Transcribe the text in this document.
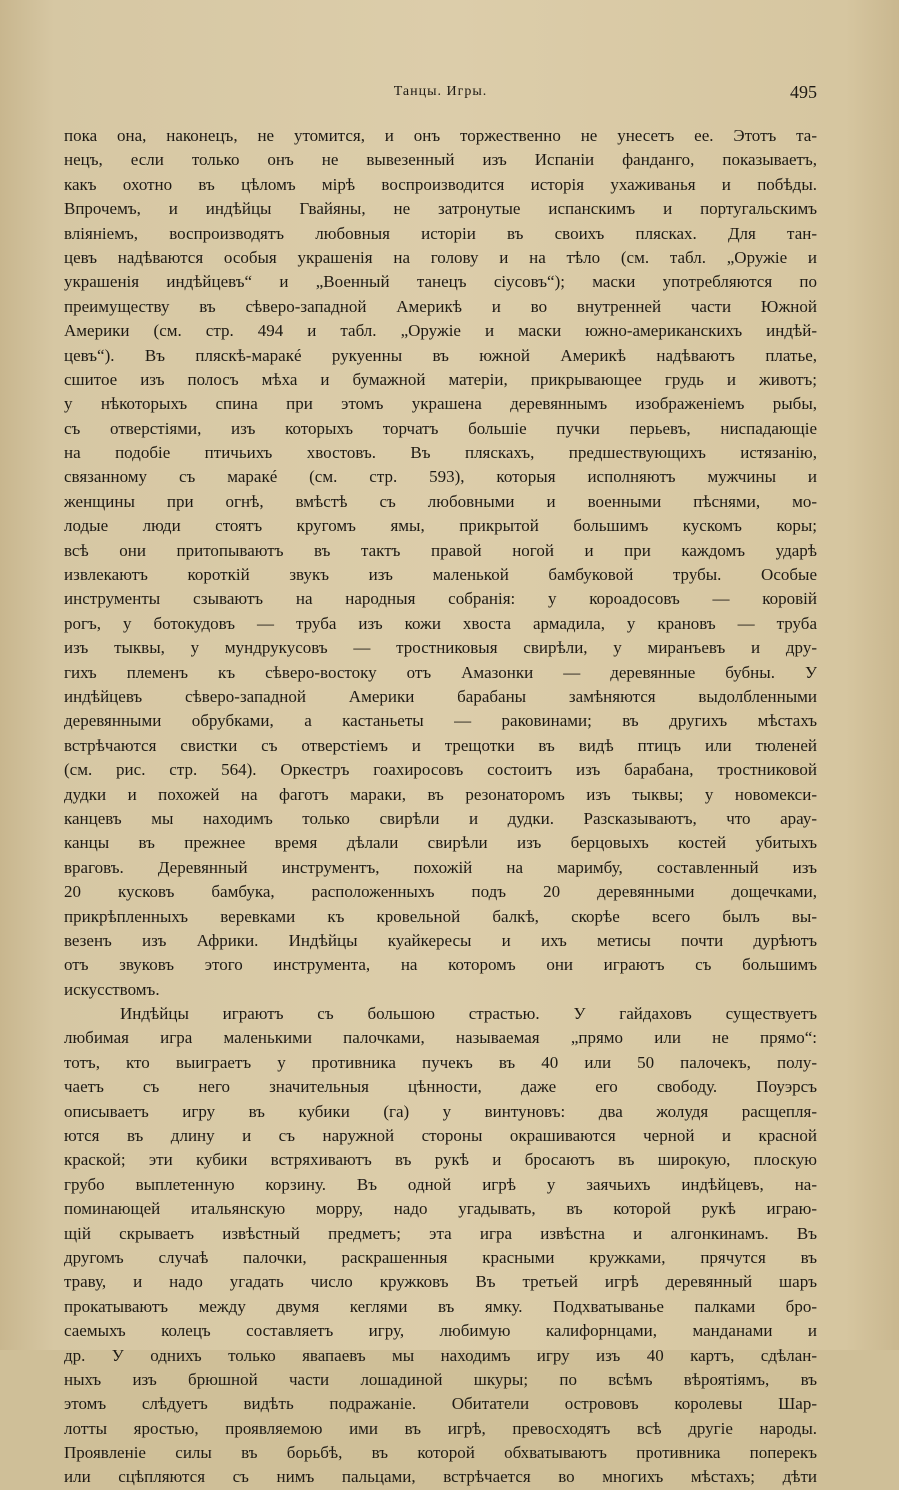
Танцы. Игры.	495
пока она, наконецъ, не утомится, и онъ торжественно не унесетъ ее. Этотъ та-
нецъ, если только онъ не вывезенный изъ Испанiи фанданго, показываетъ,
какъ охотно въ цѣломъ мiрѣ воспроизводится исторiя ухаживанья и побѣды.
Впрочемъ, и индѣйцы Гвайяны, не затронутые испанскимъ и португальскимъ
влiянiемъ, воспроизводятъ любовныя исторiи въ своихъ плясках. Для тан-
цевъ надѣваются особыя украшенiя на голову и на тѣло (см. табл. „Оружiе и
украшенiя индѣйцевъ“ и „Военный танецъ сiусовъ“); маски употребляются по
преимуществу въ сѣверо-западной Америкѣ и во внутренней части Южной
Америки (см. стр. 494 и табл. „Оружiе и маски южно-американскихъ индѣй-
цевъ“). Въ пляскѣ-маракé рукуенны въ южной Америкѣ надѣваютъ платье,
сшитое изъ полосъ мѣха и бумажной матерiи, прикрывающее грудь и животъ;
у нѣкоторыхъ спина при этомъ украшена деревяннымъ изображенiемъ рыбы,
съ отверстiями, изъ которыхъ торчатъ большiе пучки перьевъ, ниспадающiе
на подобiе птичьихъ хвостовъ. Въ пляскахъ, предшествующихъ истязанiю,
связанному съ маракé (см. стр. 593), которыя исполняютъ мужчины и
женщины при огнѣ, вмѣстѣ съ любовными и военными пѣснями, мо-
лодые люди стоятъ кругомъ ямы, прикрытой большимъ кускомъ коры;
всѣ они притопываютъ въ тактъ правой ногой и при каждомъ ударѣ
извлекаютъ короткiй звукъ изъ маленькой бамбуковой трубы. Особые
инструменты сзываютъ на народныя собранiя: у короадосовъ — коровiй
рогъ, у ботокудовъ — труба изъ кожи хвоста армадила, у крановъ — труба
изъ тыквы, у мундрукусовъ — тростниковыя свирѣли, у миранъевъ и дру-
гихъ племенъ къ сѣверо-востоку отъ Амазонки — деревянные бубны. У
индѣйцевъ сѣверо-западной Америки барабаны замѣняются выдолбленными
деревянными обрубками, а кастаньеты — раковинами; въ другихъ мѣстахъ
встрѣчаются свистки съ отверстiемъ и трещотки въ видѣ птицъ или тюленей
(см. рис. стр. 564). Оркестръ гоахиросовъ состоитъ изъ барабана, тростниковой
дудки и похожей на фаготъ мараки, въ резонаторомъ изъ тыквы; у новомекси-
канцевъ мы находимъ только свирѣли и дудки. Разсказываютъ, что арау-
канцы въ прежнее время дѣлали свирѣли изъ берцовыхъ костей убитыхъ
враговъ. Деревянный инструментъ, похожiй на маримбу, составленный изъ
20 кусковъ бамбука, расположенныхъ подъ 20 деревянными дощечками,
прикрѣпленныхъ веревками къ кровельной балкѣ, скорѣе всего былъ вы-
везенъ изъ Африки. Индѣйцы куайкересы и ихъ метисы почти дурѣютъ
отъ звуковъ этого инструмента, на которомъ они играютъ съ большимъ
искусствомъ.
Индѣйцы играютъ съ большою страстью. У гайдаховъ существуетъ
любимая игра маленькими палочками, называемая „прямо или не прямо“:
тотъ, кто выиграетъ у противника пучекъ въ 40 или 50 палочекъ, полу-
чаетъ съ него значительныя цѣнности, даже его свободу. Поуэрсъ
описываетъ игру въ кубики (га) у винтуновъ: два жолудя расщепля-
ются въ длину и съ наружной стороны окрашиваются черной и красной
краской; эти кубики встряхиваютъ въ рукѣ и бросаютъ въ широкую, плоскую
грубо выплетенную корзину. Въ одной игрѣ у заячьихъ индѣйцевъ, на-
поминающей итальянскую морру, надо угадывать, въ которой рукѣ играю-
щiй скрываетъ извѣстный предметъ; эта игра извѣстна и алгонкинамъ. Въ
другомъ случаѣ палочки, раскрашенныя красными кружками, прячутся въ
траву, и надо угадать число кружковъ Въ третьей игрѣ деревянный шаръ
прокатываютъ между двумя кеглями въ ямку. Подхватыванье палками бро-
саемыхъ колецъ составляетъ игру, любимую калифорнцами, манданами и
др. У однихъ только явапаевъ мы находимъ игру изъ 40 картъ, сдѣлан-
ныхъ изъ брюшной части лошадиной шкуры; по всѣмъ вѣроятiямъ, въ
этомъ слѣдуетъ видѣть подражанiе. Обитатели острововъ королевы Шар-
лотты яростью, проявляемою ими въ игрѣ, превосходятъ всѣ другiе народы.
Проявленiе силы въ борьбѣ, въ которой обхватываютъ противника поперекъ
или сцѣпляются съ нимъ пальцами, встрѣчается во многихъ мѣстахъ; дѣти
